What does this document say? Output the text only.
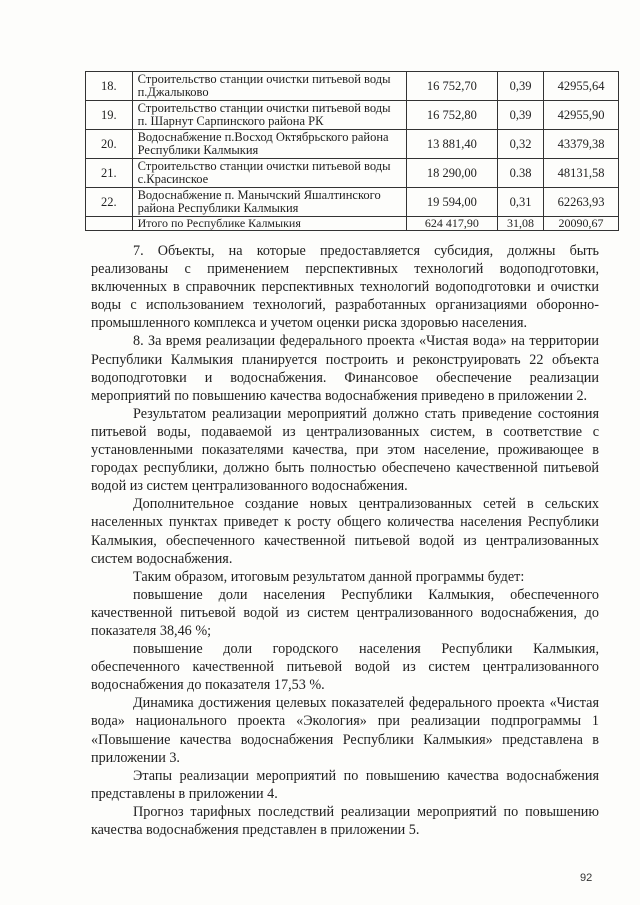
18.	Строительство станции очистки питьевой воды п.Джалыково	16 752,70	0,39	42955,64
19.	Строительство станции очистки питьевой воды п. Шарнут Сарпинского района РК	16 752,80	0,39	42955,90
20.	Водоснабжение п.Восход Октябрьского района Республики Калмыкия	13 881,40	0,32	43379,38
21.	Строительство станции очистки питьевой воды с.Красинское	18 290,00	0.38	48131,58
22.	Водоснабжение п. Манычский Яшалтинского района Республики Калмыкия	19 594,00	0,31	62263,93
	Итого по Республике Калмыкия	624 417,90	31,08	20090,67

7. Объекты, на которые предоставляется субсидия, должны быть реализованы с применением перспективных технологий водоподготовки, включенных в справочник перспективных технологий водоподготовки и очистки воды с использованием технологий, разработанных организациями оборонно-промышленного комплекса и учетом оценки риска здоровью населения.

8. За время реализации федерального проекта «Чистая вода» на территории Республики Калмыкия планируется построить и реконструировать 22 объекта водоподготовки и водоснабжения. Финансовое обеспечение реализации мероприятий по повышению качества водоснабжения приведено в приложении 2.

Результатом реализации мероприятий должно стать приведение состояния питьевой воды, подаваемой из централизованных систем, в соответствие с установленными показателями качества, при этом население, проживающее в городах республики, должно быть полностью обеспечено качественной питьевой водой из систем централизованного водоснабжения.

Дополнительное создание новых централизованных сетей в сельских населенных пунктах приведет к росту общего количества населения Республики Калмыкия, обеспеченного качественной питьевой водой из централизованных систем водоснабжения.

Таким образом, итоговым результатом данной программы будет:

повышение доли населения Республики Калмыкия, обеспеченного качественной питьевой водой из систем централизованного водоснабжения, до показателя 38,46 %;

повышение доли городского населения Республики Калмыкия, обеспеченного качественной питьевой водой из систем централизованного водоснабжения до показателя 17,53 %.

Динамика достижения целевых показателей федерального проекта «Чистая вода» национального проекта «Экология» при реализации подпрограммы 1 «Повышение качества водоснабжения Республики Калмыкия» представлена в приложении 3.

Этапы реализации мероприятий по повышению качества водоснабжения представлены в приложении 4.

Прогноз тарифных последствий реализации мероприятий по повышению качества водоснабжения представлен в приложении 5.

92
